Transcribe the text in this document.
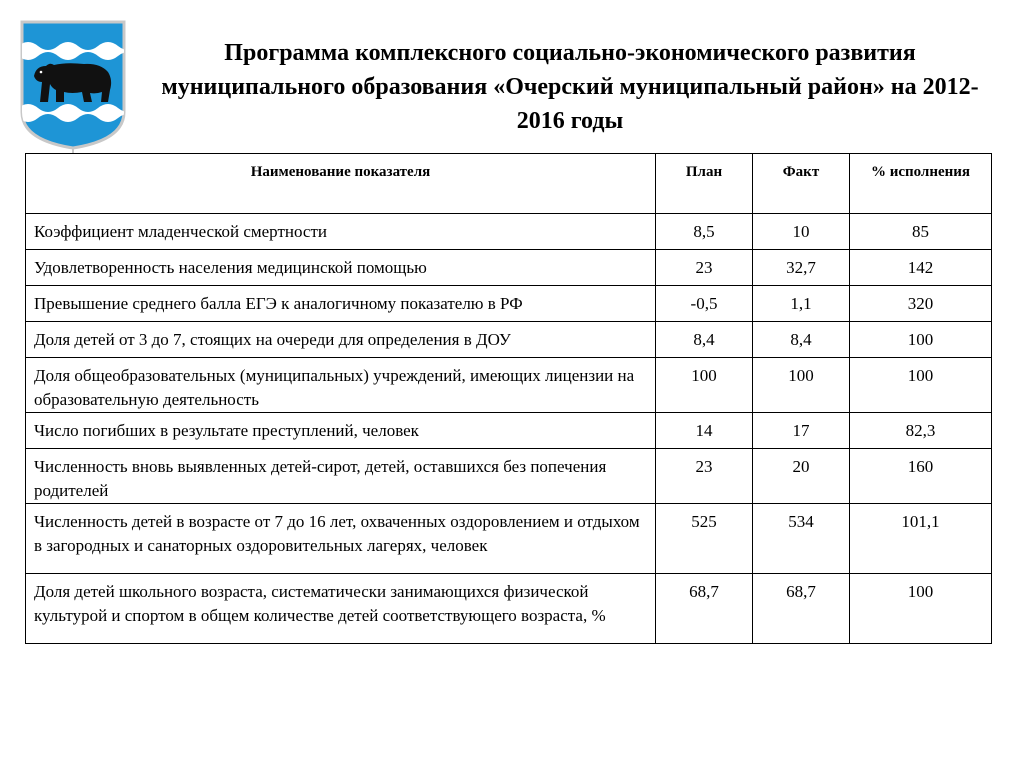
Программа комплексного социально-экономического развития муниципального образования «Очерский муниципальный район» на 2012-2016 годы
Наименование показателя	План	Факт	% исполнения
Коэффициент младенческой смертности	8,5	10	85
Удовлетворенность населения медицинской помощью	23	32,7	142
Превышение среднего балла ЕГЭ к аналогичному показателю в РФ	-0,5	1,1	320
Доля детей от 3 до 7, стоящих на очереди для определения в ДОУ	8,4	8,4	100
Доля общеобразовательных (муниципальных) учреждений, имеющих лицензии на образовательную деятельность	100	100	100
Число погибших в результате преступлений, человек	14	17	82,3
Численность вновь выявленных детей-сирот, детей, оставшихся без попечения родителей	23	20	160
Численность детей в возрасте от 7 до 16 лет, охваченных оздоровлением и отдыхом в загородных и санаторных оздоровительных лагерях, человек	525	534	101,1
Доля детей школьного возраста, систематически занимающихся физической культурой и спортом в общем количестве детей соответствующего возраста, %	68,7	68,7	100
